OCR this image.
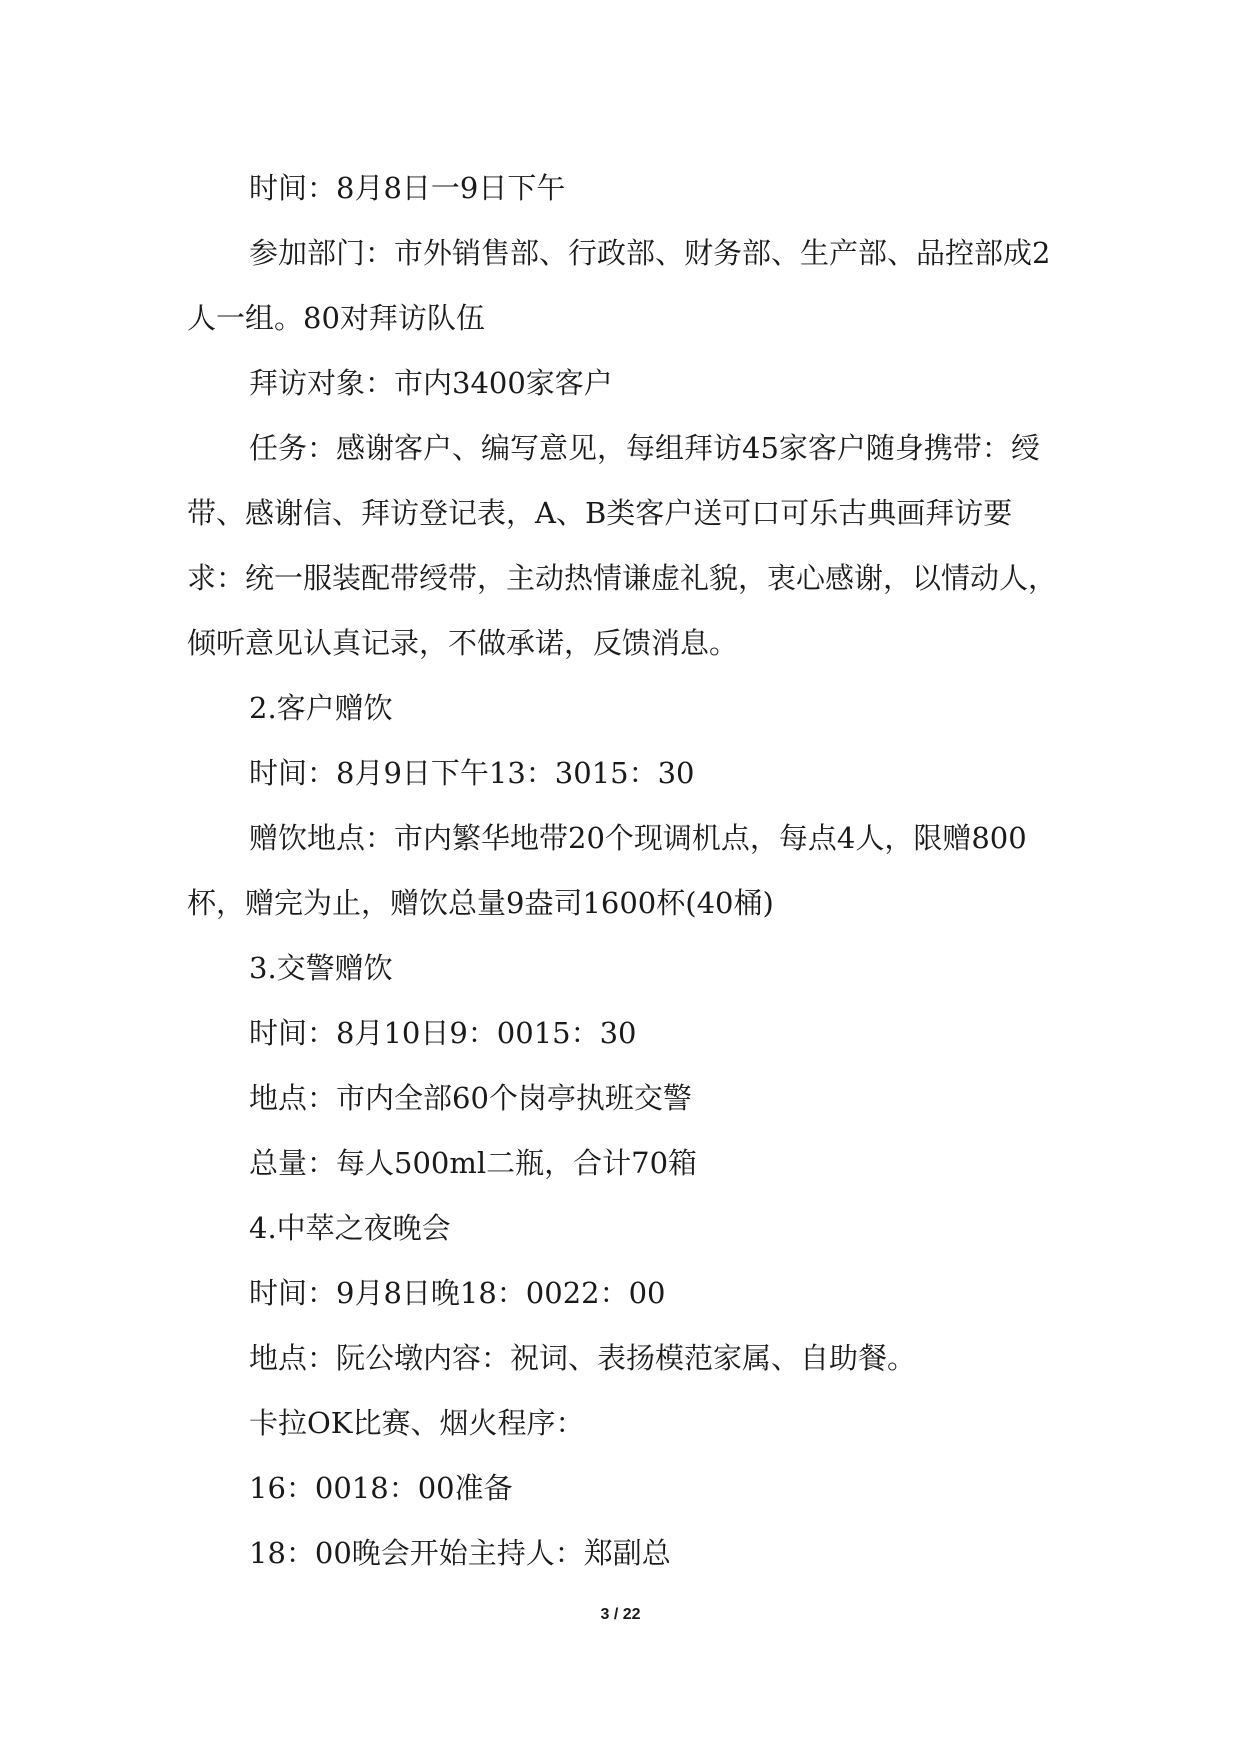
时间：8月8日一9日下午

参加部门：市外销售部、行政部、财务部、生产部、品控部成2人一组。80对拜访队伍

拜访对象：市内3400家客户

任务：感谢客户、编写意见，每组拜访45家客户随身携带：绶带、感谢信、拜访登记表，A、B类客户送可口可乐古典画拜访要求：统一服装配带绶带，主动热情谦虚礼貌，衷心感谢，以情动人，倾听意见认真记录，不做承诺，反馈消息。

2.客户赠饮

时间：8月9日下午13：3015：30

赠饮地点：市内繁华地带20个现调机点，每点4人，限赠800杯，赠完为止，赠饮总量9盎司1600杯(40桶)

3.交警赠饮

时间：8月10日9：0015：30

地点：市内全部60个岗亭执班交警

总量：每人500ml二瓶，合计70箱

4.中萃之夜晚会

时间：9月8日晚18：0022：00

地点：阮公墩内容：祝词、表扬模范家属、自助餐。

卡拉OK比赛、烟火程序：

16：0018：00准备

18：00晚会开始主持人：郑副总

3 / 22
